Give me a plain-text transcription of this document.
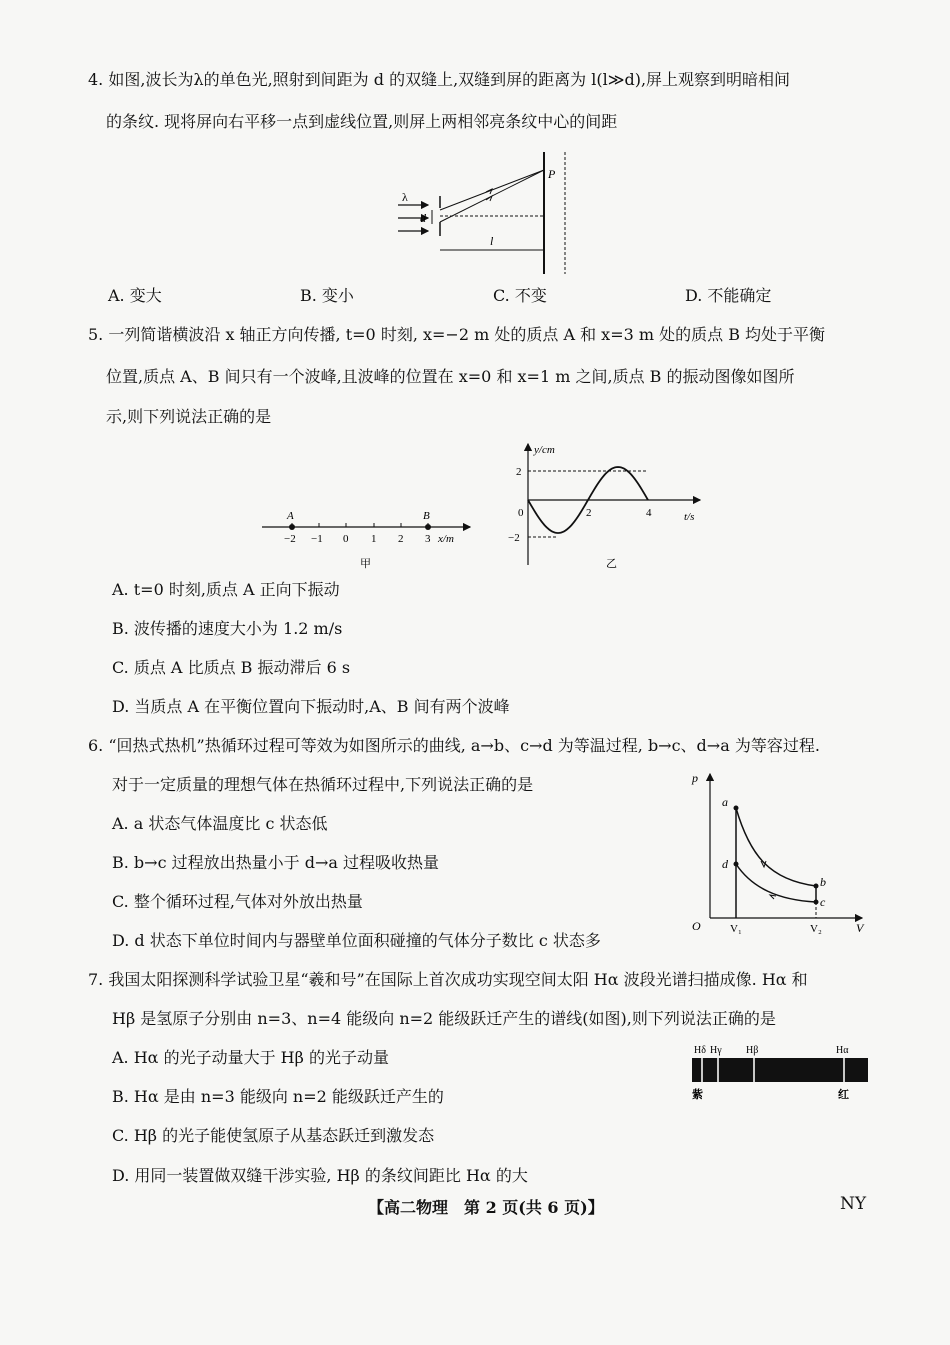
4. 如图,波长为λ的单色光,照射到间距为 d 的双缝上,双缝到屏的距离为 l(l≫d),屏上观察到明暗相间
的条纹. 现将屏向右平移一点到虚线位置,则屏上两相邻亮条纹中心的间距
λ
d
P
l
A. 变大	B. 变小	C. 不变	D. 不能确定
5. 一列简谐横波沿 x 轴正方向传播, t=0 时刻, x=−2 m 处的质点 A 和 x=3 m 处的质点 B 均处于平衡
位置,质点 A、B 间只有一个波峰,且波峰的位置在 x=0 和 x=1 m 之间,质点 B 的振动图像如图所
示,则下列说法正确的是
A	B
−2 −1 0 1 2 3 x/m
甲
y/cm
t/s
2
−2
0	2	4
乙
A. t=0 时刻,质点 A 正向下振动
B. 波传播的速度大小为 1.2 m/s
C. 质点 A 比质点 B 振动滞后 6 s
D. 当质点 A 在平衡位置向下振动时,A、B 间有两个波峰
6. “回热式热机”热循环过程可等效为如图所示的曲线, a→b、c→d 为等温过程, b→c、d→a 为等容过程.
对于一定质量的理想气体在热循环过程中,下列说法正确的是	p
V
O
a
d
b
c
V₁	V₂
A. a 状态气体温度比 c 状态低
B. b→c 过程放出热量小于 d→a 过程吸收热量
C. 整个循环过程,气体对外放出热量
D. d 状态下单位时间内与器壁单位面积碰撞的气体分子数比 c 状态多
7. 我国太阳探测科学试验卫星“羲和号”在国际上首次成功实现空间太阳 Hα 波段光谱扫描成像. Hα 和
Hβ 是氢原子分别由 n=3、n=4 能级向 n=2 能级跃迁产生的谱线(如图),则下列说法正确的是
Hδ Hγ Hβ	Hα
紫	红
A. Hα 的光子动量大于 Hβ 的光子动量
B. Hα 是由 n=3 能级向 n=2 能级跃迁产生的
C. Hβ 的光子能使氢原子从基态跃迁到激发态
D. 用同一装置做双缝干涉实验, Hβ 的条纹间距比 Hα 的大
【高二物理　第 2 页(共 6 页)】	NY
